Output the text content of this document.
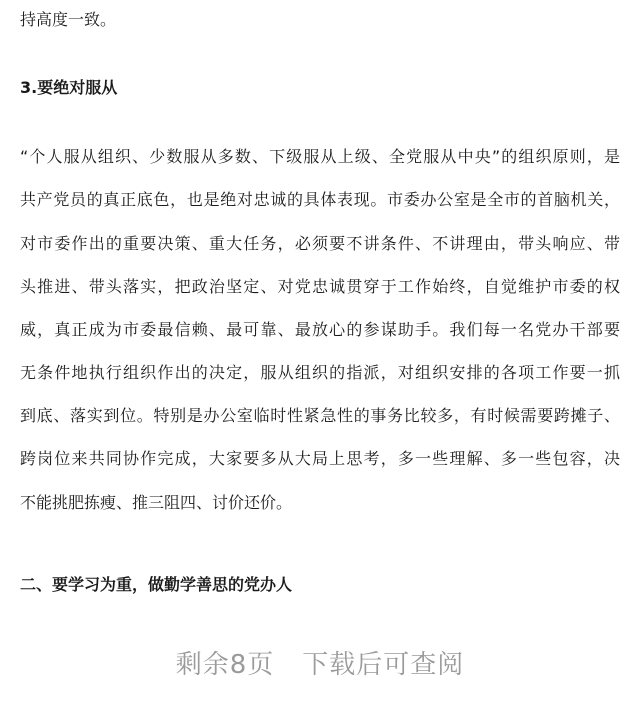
持高度一致。
3.要绝对服从
“个人服从组织、少数服从多数、下级服从上级、全党服从中央”的组织原则，是
共产党员的真正底色，也是绝对忠诚的具体表现。市委办公室是全市的首脑机关，
对市委作出的重要决策、重大任务，必须要不讲条件、不讲理由，带头响应、带
头推进、带头落实，把政治坚定、对党忠诚贯穿于工作始终，自觉维护市委的权
威，真正成为市委最信赖、最可靠、最放心的参谋助手。我们每一名党办干部要
无条件地执行组织作出的决定，服从组织的指派，对组织安排的各项工作要一抓
到底、落实到位。特别是办公室临时性紧急性的事务比较多，有时候需要跨摊子、
跨岗位来共同协作完成，大家要多从大局上思考，多一些理解、多一些包容，决
不能挑肥拣瘦、推三阻四、讨价还价。
二、要学习为重，做勤学善思的党办人
剩余8页 下载后可查阅
